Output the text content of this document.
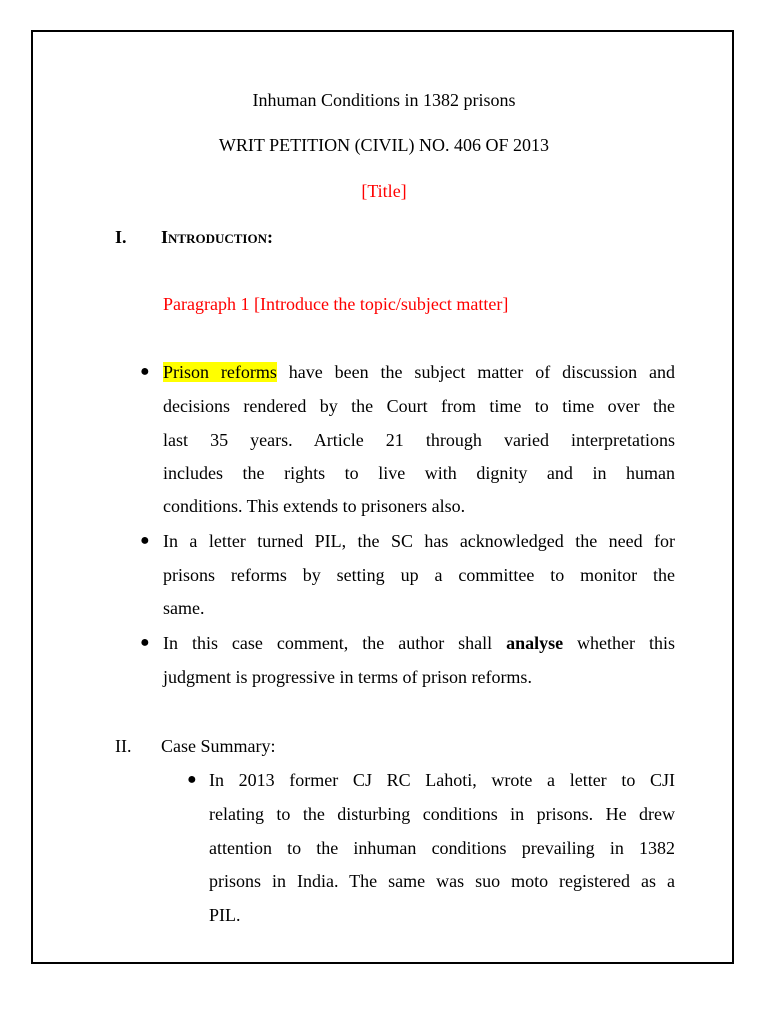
Inhuman Conditions in 1382 prisons
WRIT PETITION (CIVIL) NO. 406 OF 2013
[Title]
I. Introduction:
Paragraph 1 [Introduce the topic/subject matter]
● Prison reforms have been the subject matter of discussion and
decisions rendered by the Court from time to time over the
last 35 years. Article 21 through varied interpretations
includes the rights to live with dignity and in human
conditions. This extends to prisoners also.
● In a letter turned PIL, the SC has acknowledged the need for
prisons reforms by setting up a committee to monitor the
same.
● In this case comment, the author shall analyse whether this
judgment is progressive in terms of prison reforms.
II. Case Summary:
● In 2013 former CJ RC Lahoti, wrote a letter to CJI
relating to the disturbing conditions in prisons. He drew
attention to the inhuman conditions prevailing in 1382
prisons in India. The same was suo moto registered as a
PIL.
